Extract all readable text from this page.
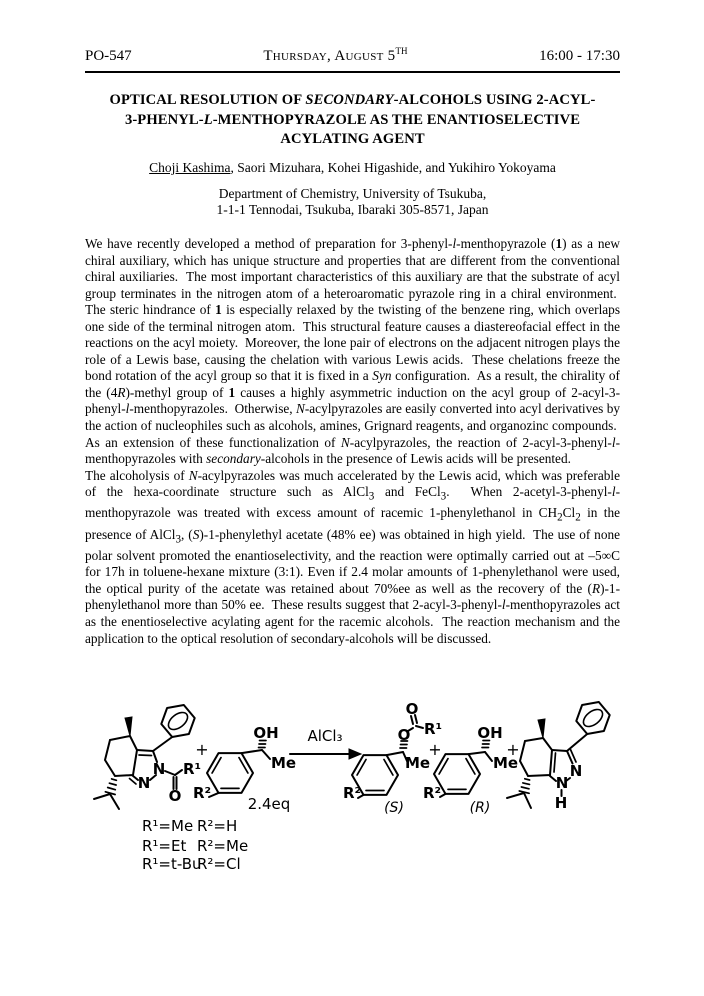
PO-547	Thursday, August 5TH	16:00 - 17:30
OPTICAL RESOLUTION OF SECONDARY-ALCOHOLS USING 2-ACYL-
3-PHENYL-L-MENTHOPYRAZOLE AS THE ENANTIOSELECTIVE
ACYLATING AGENT
Choji Kashima, Saori Mizuhara, Kohei Higashide, and Yukihiro Yokoyama
Department of Chemistry, University of Tsukuba,
1-1-1 Tennodai, Tsukuba, Ibaraki 305-8571, Japan

We have recently developed a method of preparation for 3-phenyl-l-menthopyrazole (1) as a new chiral auxiliary, which has unique structure and properties that are different from the conventional chiral auxiliaries.  The most important characteristics of this auxiliary are that the substrate of acyl group terminates in the nitrogen atom of a heteroaromatic pyrazole ring in a chiral environment.  The steric hindrance of 1 is especially relaxed by the twisting of the benzene ring, which overlaps one side of the terminal nitrogen atom.  This structural feature causes a diastereofacial effect in the reactions on the acyl moiety.  Moreover, the lone pair of electrons on the adjacent nitrogen plays the role of a Lewis base, causing the chelation with various Lewis acids.  These chelations freeze the bond rotation of the acyl group so that it is fixed in a Syn configuration.  As a result, the chirality of the (4R)-methyl group of 1 causes a highly asymmetric induction on the acyl group of 2-acyl-3-phenyl-l-menthopyrazoles.  Otherwise, N-acylpyrazoles are easily converted into acyl derivatives by the action of nucleophiles such as alcohols, amines, Grignard reagents, and organozinc compounds.  As an extension of these functionalization of N-acylpyrazoles, the reaction of 2-acyl-3-phenyl-l-menthopyrazoles with secondary-alcohols in the presence of Lewis acids will be presented.

The alcoholysis of N-acylpyrazoles was much accelerated by the Lewis acid, which was preferable of the hexa-coordinate structure such as AlCl$_3$ and FeCl$_3$.  When 2-acetyl-3-phenyl-l-menthopyrazole was treated with excess amount of racemic 1-phenylethanol in $CH_2Cl_2$ in the presence of AlCl$_3$, (S)-1-phenylethyl acetate (48% ee) was obtained in high yield.  The use of none polar solvent promoted the enantioselectivity, and the reaction were optimally carried out at –5∞C for 17h in toluene-hexane mixture (3:1). Even if 2.4 molar amounts of 1-phenylethanol were used, the optical purity of the acetate was retained about 70%ee as well as the recovery of the (R)-1-phenylethanol more than 50% ee.  These results suggest that 2-acyl-3-phenyl-l-menthopyrazoles act as the enentioselective acylating agent for the racemic alcohols.  The reaction mechanism and the application to the optical resolution of secondary-alcohols will be discussed.

N
N
O
R¹
+
OH
Me
R²
2.4eq
AlCl₃	O
O
R¹
Me
R²
(S)
+
OH
Me
R²
(R)
+
N
N
H
R¹=Me R²=H
R¹=Et R²=Me
R¹=t-Bu
R²=Cl
